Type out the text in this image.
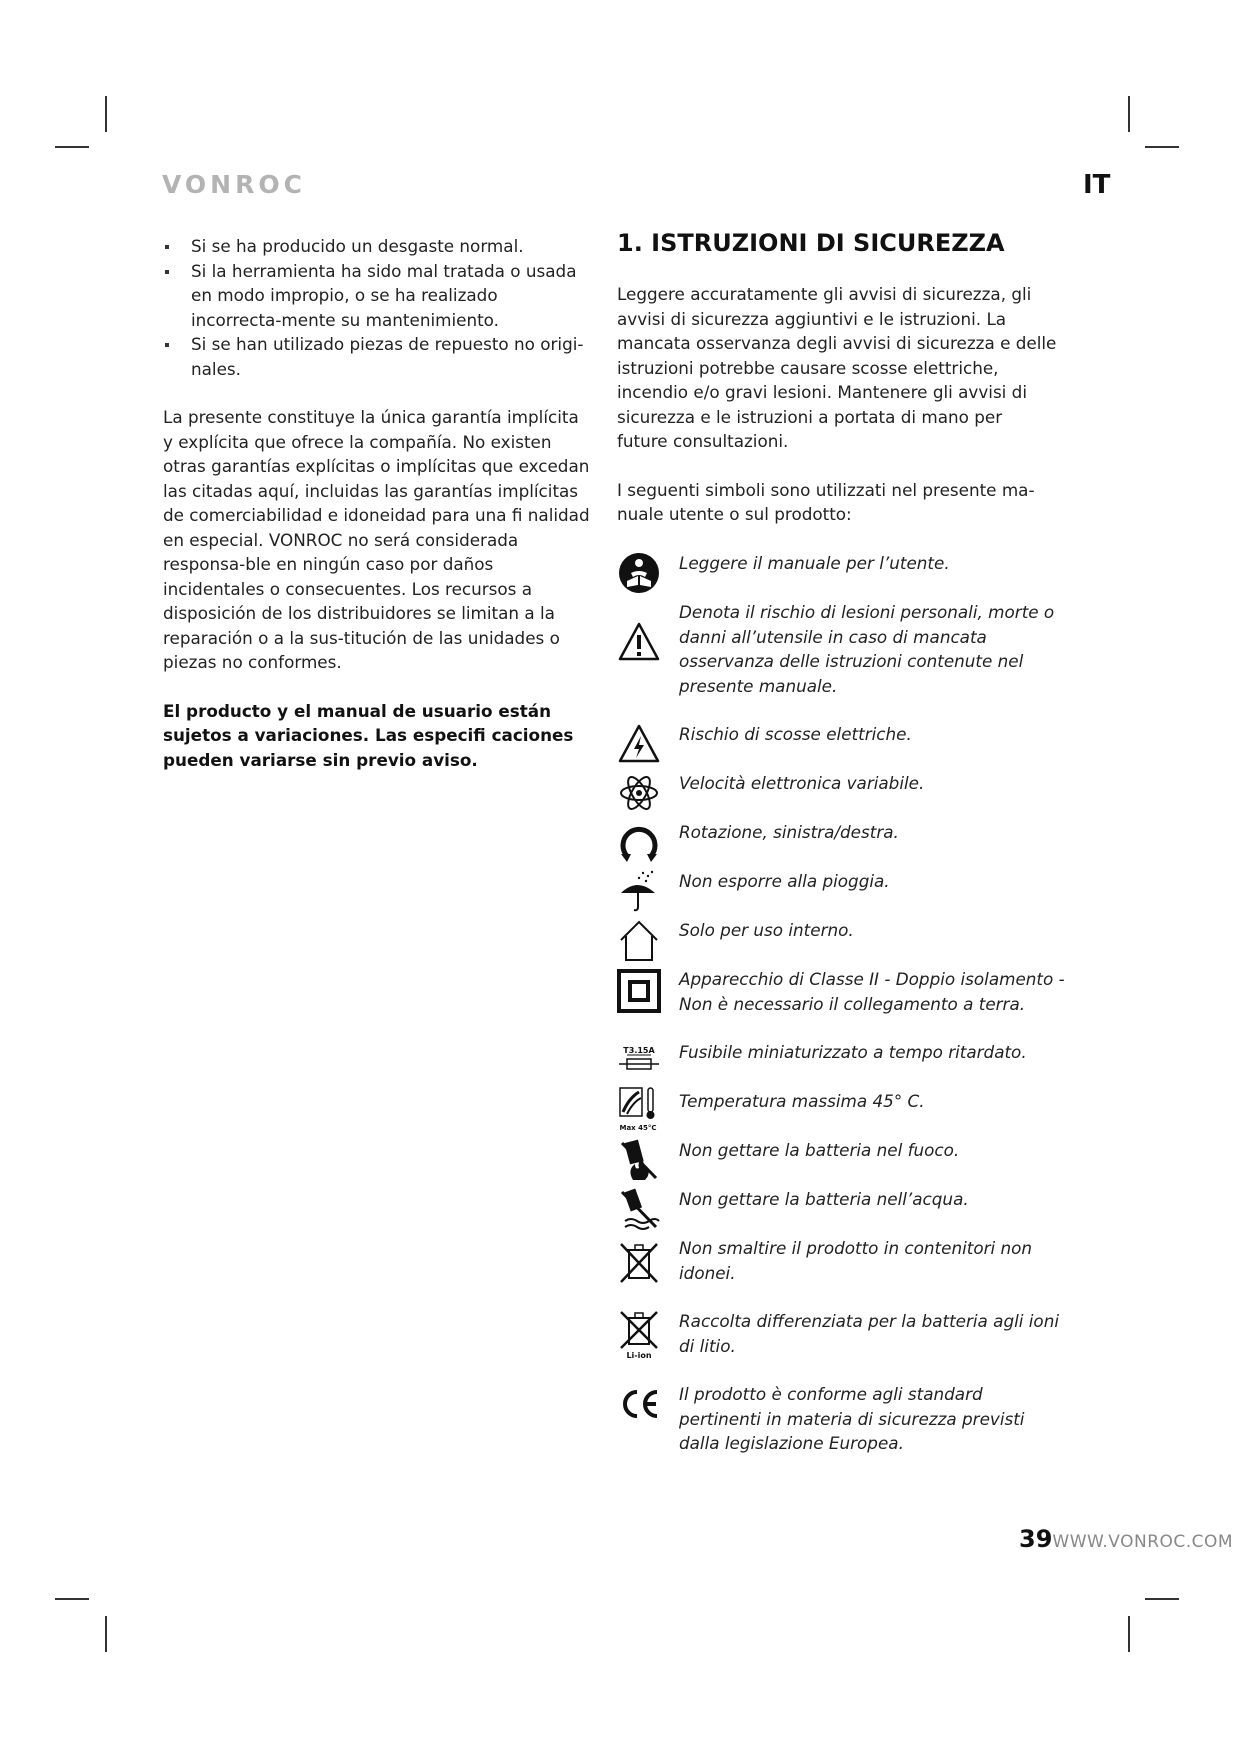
VONROC	IT
Si se ha producido un desgaste normal.
Si la herramienta ha sido mal tratada o usada en modo impropio, o se ha realizado incorrecta-mente su mantenimiento.
Si se han utilizado piezas de repuesto no origi-nales.

La presente constituye la única garantía implícita y explícita que ofrece la compañía. No existen otras garantías explícitas o implícitas que excedan las citadas aquí, incluidas las garantías implícitas de comerciabilidad e idoneidad para una fi nalidad en especial. VONROC no será considerada responsa-ble en ningún caso por daños incidentales o consecuentes. Los recursos a disposición de los distribuidores se limitan a la reparación o a la sus-titución de las unidades o piezas no conformes.

El producto y el manual de usuario están sujetos a variaciones. Las especifi caciones pueden variarse sin previo aviso.

1. ISTRUZIONI DI SICUREZZA

Leggere accuratamente gli avvisi di sicurezza, gli avvisi di sicurezza aggiuntivi e le istruzioni. La mancata osservanza degli avvisi di sicurezza e delle istruzioni potrebbe causare scosse elettriche, incendio e/o gravi lesioni. Mantenere gli avvisi di sicurezza e le istruzioni a portata di mano per future consultazioni.

I seguenti simboli sono utilizzati nel presente ma-nuale utente o sul prodotto:

Leggere il manuale per l’utente.
Denota il rischio di lesioni personali, morte o danni all’utensile in caso di mancata osservanza delle istruzioni contenute nel presente manuale.
Rischio di scosse elettriche.
Velocità elettronica variabile.
Rotazione, sinistra/destra.
Non esporre alla pioggia.
Solo per uso interno.
Apparecchio di Classe II - Doppio isolamento - Non è necessario il collegamento a terra.
T3.15A Fusibile miniaturizzato a tempo ritardato.
Max 45°C
Temperatura massima 45° C.
Non gettare la batteria nel fuoco.
Non gettare la batteria nell’acqua.
Non smaltire il prodotto in contenitori non idonei.
Li-ion
Raccolta differenziata per la batteria agli ioni di litio.
Il prodotto è conforme agli standard pertinenti in materia di sicurezza previsti dalla legislazione Europea.
39WWW.VONROC.COM
